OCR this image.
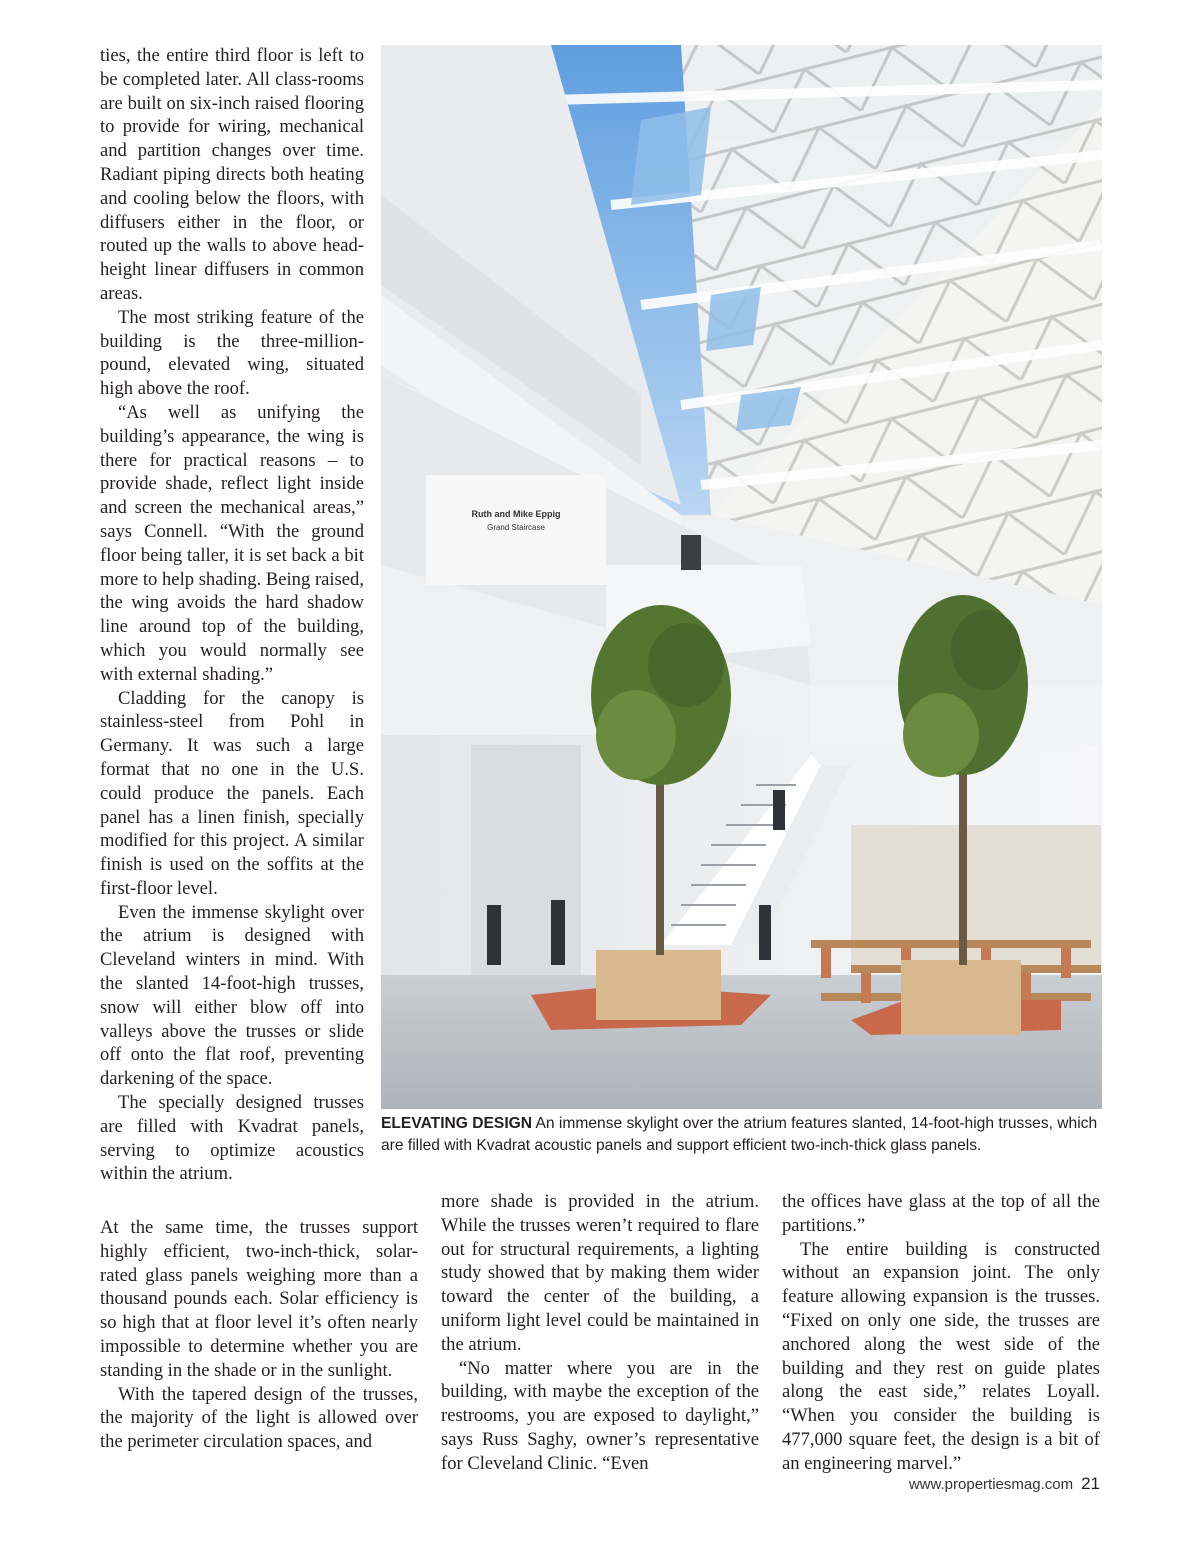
ties, the entire third floor is left to be completed later. All class-rooms are built on six-inch raised flooring to provide for wiring, mechanical and partition changes over time. Radiant piping directs both heating and cooling below the floors, with diffusers either in the floor, or routed up the walls to above head-height linear diffusers in common areas.

The most striking feature of the building is the three-million-pound, elevated wing, situated high above the roof.

“As well as unifying the building’s appearance, the wing is there for practical reasons – to provide shade, reflect light inside and screen the mechanical areas,” says Connell. “With the ground floor being taller, it is set back a bit more to help shading. Being raised, the wing avoids the hard shadow line around top of the building, which you would normally see with external shading.”

Cladding for the canopy is stainless-steel from Pohl in Germany. It was such a large format that no one in the U.S. could produce the panels. Each panel has a linen finish, specially modified for this project. A similar finish is used on the soffits at the first-floor level.

Even the immense skylight over the atrium is designed with Cleveland winters in mind. With the slanted 14-foot-high trusses, snow will either blow off into valleys above the trusses or slide off onto the flat roof, preventing darkening of the space.

The specially designed trusses are filled with Kvadrat panels, serving to optimize acoustics within the atrium.

At the same time, the trusses support highly efficient, two-inch-thick, solar-rated glass panels weighing more than a thousand pounds each. Solar efficiency is so high that at floor level it’s often nearly impossible to determine whether you are standing in the shade or in the sunlight.

With the tapered design of the trusses, the majority of the light is allowed over the perimeter circulation spaces, and

more shade is provided in the atrium. While the trusses weren’t required to flare out for structural requirements, a lighting study showed that by making them wider toward the center of the building, a uniform light level could be maintained in the atrium.

“No matter where you are in the building, with maybe the exception of the restrooms, you are exposed to daylight,” says Russ Saghy, owner’s representative for Cleveland Clinic. “Even

the offices have glass at the top of all the partitions.”

The entire building is constructed without an expansion joint. The only feature allowing expansion is the trusses. “Fixed on only one side, the trusses are anchored along the west side of the building and they rest on guide plates along the east side,” relates Loyall. “When you consider the building is 477,000 square feet, the design is a bit of an engineering marvel.”

Ruth and Mike Eppig
Grand Staircase
ELEVATING DESIGN An immense skylight over the atrium features slanted, 14-foot-high trusses, which are filled with Kvadrat acoustic panels and support efficient two-inch-thick glass panels.
www.propertiesmag.com 21
